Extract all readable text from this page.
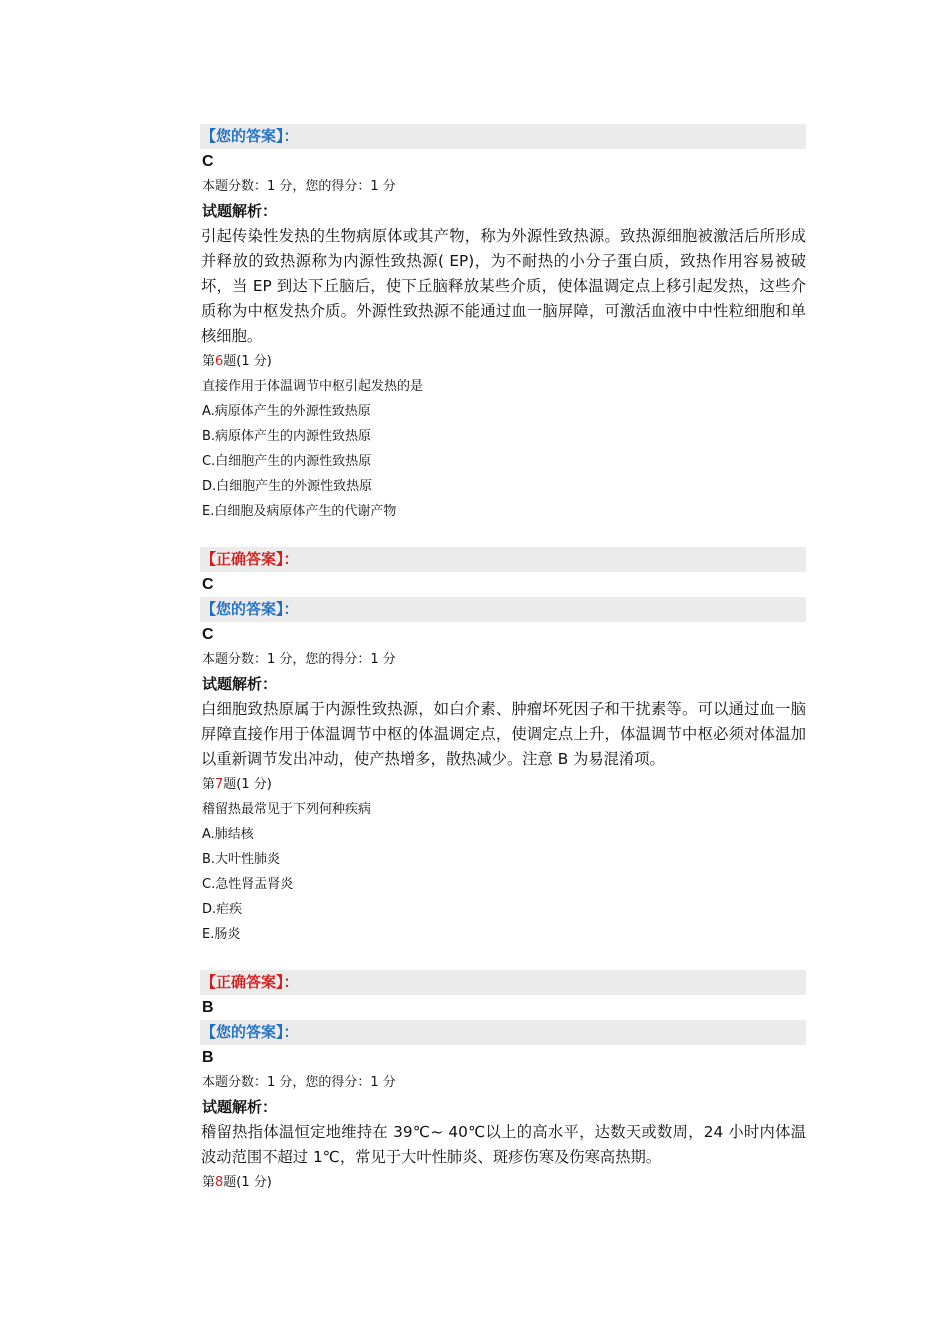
【您的答案】：
C
本题分数：1 分，您的得分：1 分
试题解析：
引起传染性发热的生物病原体或其产物，称为外源性致热源。致热源细胞被激活后所形成并释放的致热源称为内源性致热源( EP)，为不耐热的小分子蛋白质，致热作用容易被破坏，当 EP 到达下丘脑后，使下丘脑释放某些介质，使体温调定点上移引起发热，这些介质称为中枢发热介质。外源性致热源不能通过血一脑屏障，可激活血液中中性粒细胞和单核细胞。
第6题(1 分)
直接作用于体温调节中枢引起发热的是
A.病原体产生的外源性致热原
B.病原体产生的内源性致热原
C.白细胞产生的内源性致热原
D.白细胞产生的外源性致热原
E.白细胞及病原体产生的代谢产物
【正确答案】：
C
【您的答案】：
C
本题分数：1 分，您的得分：1 分
试题解析：
白细胞致热原属于内源性致热源，如白介素、肿瘤坏死因子和干扰素等。可以通过血一脑屏障直接作用于体温调节中枢的体温调定点，使调定点上升，体温调节中枢必须对体温加以重新调节发出冲动，使产热增多，散热减少。注意 B 为易混淆项。
第7题(1 分)
稽留热最常见于下列何种疾病
A.肺结核
B.大叶性肺炎
C.急性肾盂肾炎
D.疟疾
E.肠炎
【正确答案】：
B
【您的答案】：
B
本题分数：1 分，您的得分：1 分
试题解析：
稽留热指体温恒定地维持在 39℃~ 40℃以上的高水平，达数天或数周，24 小时内体温波动范围不超过 1℃，常见于大叶性肺炎、斑疹伤寒及伤寒高热期。
第8题(1 分)
